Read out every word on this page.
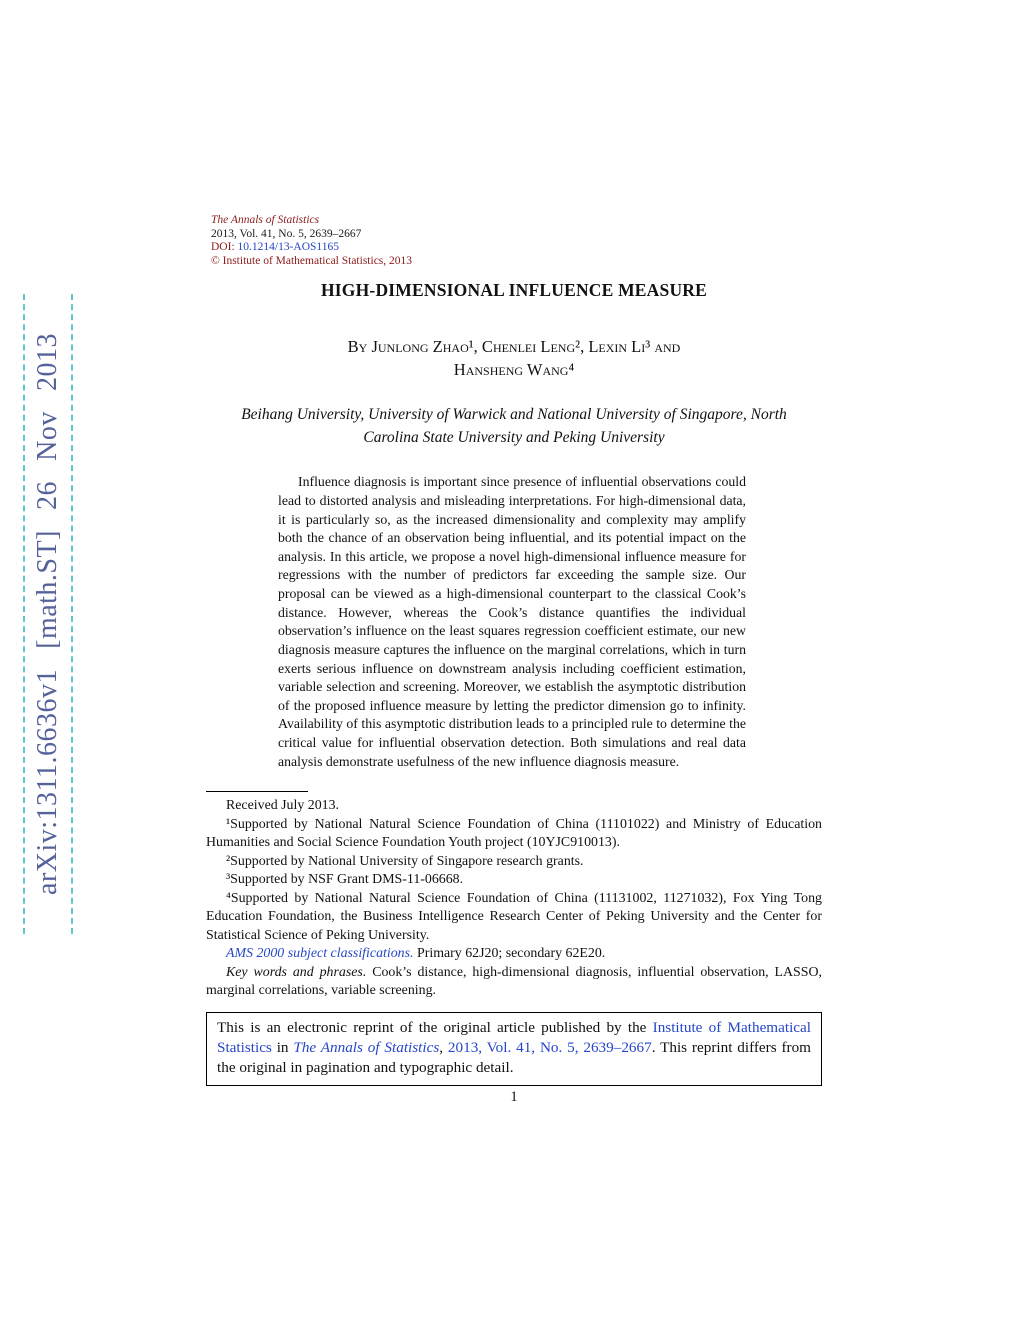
arXiv:1311.6636v1 [math.ST] 26 Nov 2013
The Annals of Statistics
2013, Vol. 41, No. 5, 2639–2667
DOI: 10.1214/13-AOS1165
© Institute of Mathematical Statistics, 2013
HIGH-DIMENSIONAL INFLUENCE MEASURE
By Junlong Zhao¹, Chenlei Leng², Lexin Li³ and
Hansheng Wang⁴
Beihang University, University of Warwick and National University of Singapore, North Carolina State University and Peking University

Influence diagnosis is important since presence of influential observations could lead to distorted analysis and misleading interpretations. For high-dimensional data, it is particularly so, as the increased dimensionality and complexity may amplify both the chance of an observation being influential, and its potential impact on the analysis. In this article, we propose a novel high-dimensional influence measure for regressions with the number of predictors far exceeding the sample size. Our proposal can be viewed as a high-dimensional counterpart to the classical Cook’s distance. However, whereas the Cook’s distance quantifies the individual observation’s influence on the least squares regression coefficient estimate, our new diagnosis measure captures the influence on the marginal correlations, which in turn exerts serious influence on downstream analysis including coefficient estimation, variable selection and screening. Moreover, we establish the asymptotic distribution of the proposed influence measure by letting the predictor dimension go to infinity. Availability of this asymptotic distribution leads to a principled rule to determine the critical value for influential observation detection. Both simulations and real data analysis demonstrate usefulness of the new influence diagnosis measure.

Received July 2013.

¹Supported by National Natural Science Foundation of China (11101022) and Ministry of Education Humanities and Social Science Foundation Youth project (10YJC910013).

²Supported by National University of Singapore research grants.

³Supported by NSF Grant DMS-11-06668.

⁴Supported by National Natural Science Foundation of China (11131002, 11271032), Fox Ying Tong Education Foundation, the Business Intelligence Research Center of Peking University and the Center for Statistical Science of Peking University.

AMS 2000 subject classifications. Primary 62J20; secondary 62E20.

Key words and phrases. Cook’s distance, high-dimensional diagnosis, influential observation, LASSO, marginal correlations, variable screening.

This is an electronic reprint of the original article published by the Institute of Mathematical Statistics in The Annals of Statistics, 2013, Vol. 41, No. 5, 2639–2667. This reprint differs from the original in pagination and typographic detail.
1
